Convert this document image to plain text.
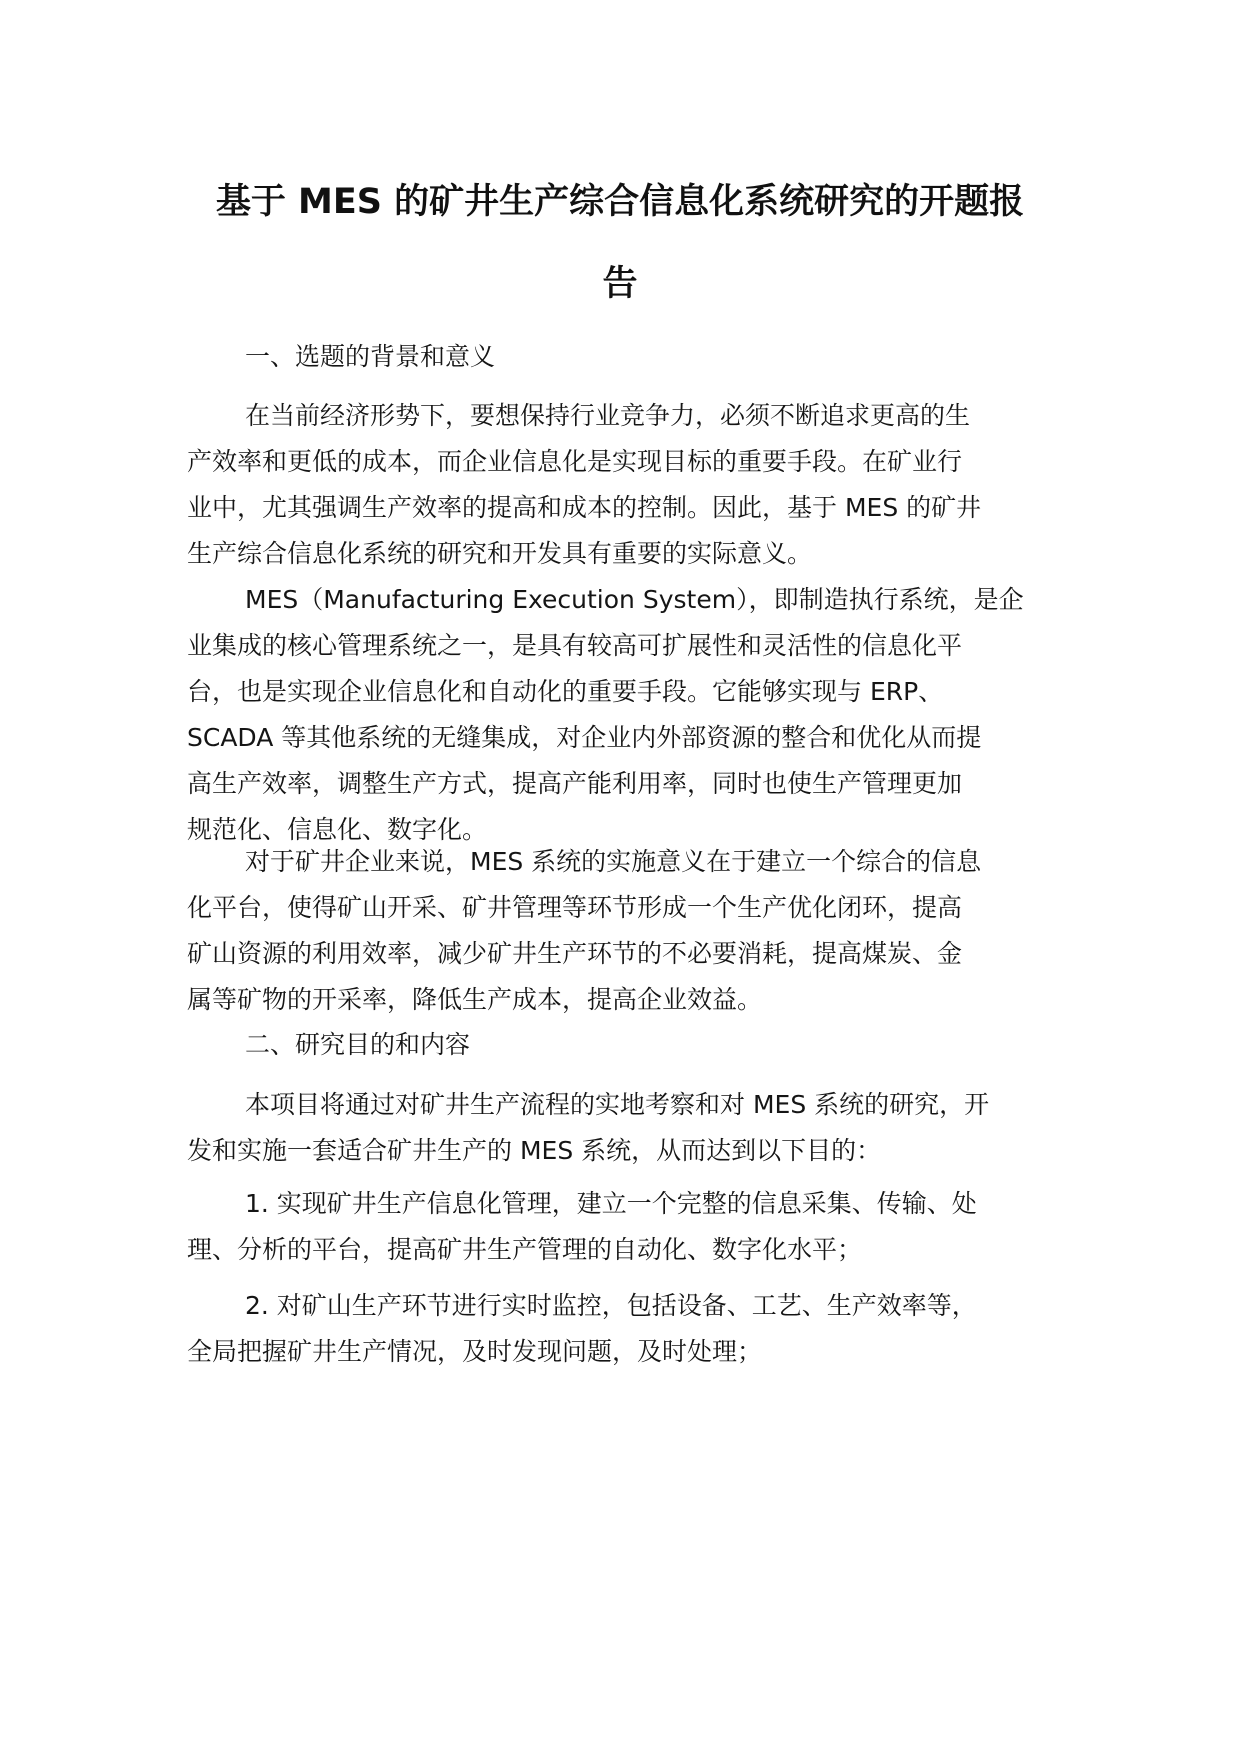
基于 MES 的矿井生产综合信息化系统研究的开题报
告
一、选题的背景和意义
在当前经济形势下，要想保持行业竞争力，必须不断追求更高的生
产效率和更低的成本，而企业信息化是实现目标的重要手段。在矿业行
业中，尤其强调生产效率的提高和成本的控制。因此，基于 MES 的矿井
生产综合信息化系统的研究和开发具有重要的实际意义。
MES（Manufacturing Execution System），即制造执行系统，是企
业集成的核心管理系统之一，是具有较高可扩展性和灵活性的信息化平
台，也是实现企业信息化和自动化的重要手段。它能够实现与 ERP、
SCADA 等其他系统的无缝集成，对企业内外部资源的整合和优化从而提
高生产效率，调整生产方式，提高产能利用率，同时也使生产管理更加
规范化、信息化、数字化。
对于矿井企业来说，MES 系统的实施意义在于建立一个综合的信息
化平台，使得矿山开采、矿井管理等环节形成一个生产优化闭环，提高
矿山资源的利用效率，减少矿井生产环节的不必要消耗，提高煤炭、金
属等矿物的开采率，降低生产成本，提高企业效益。
二、研究目的和内容
本项目将通过对矿井生产流程的实地考察和对 MES 系统的研究，开
发和实施一套适合矿井生产的 MES 系统，从而达到以下目的：
1. 实现矿井生产信息化管理，建立一个完整的信息采集、传输、处
理、分析的平台，提高矿井生产管理的自动化、数字化水平；
2. 对矿山生产环节进行实时监控，包括设备、工艺、生产效率等，
全局把握矿井生产情况，及时发现问题，及时处理；
